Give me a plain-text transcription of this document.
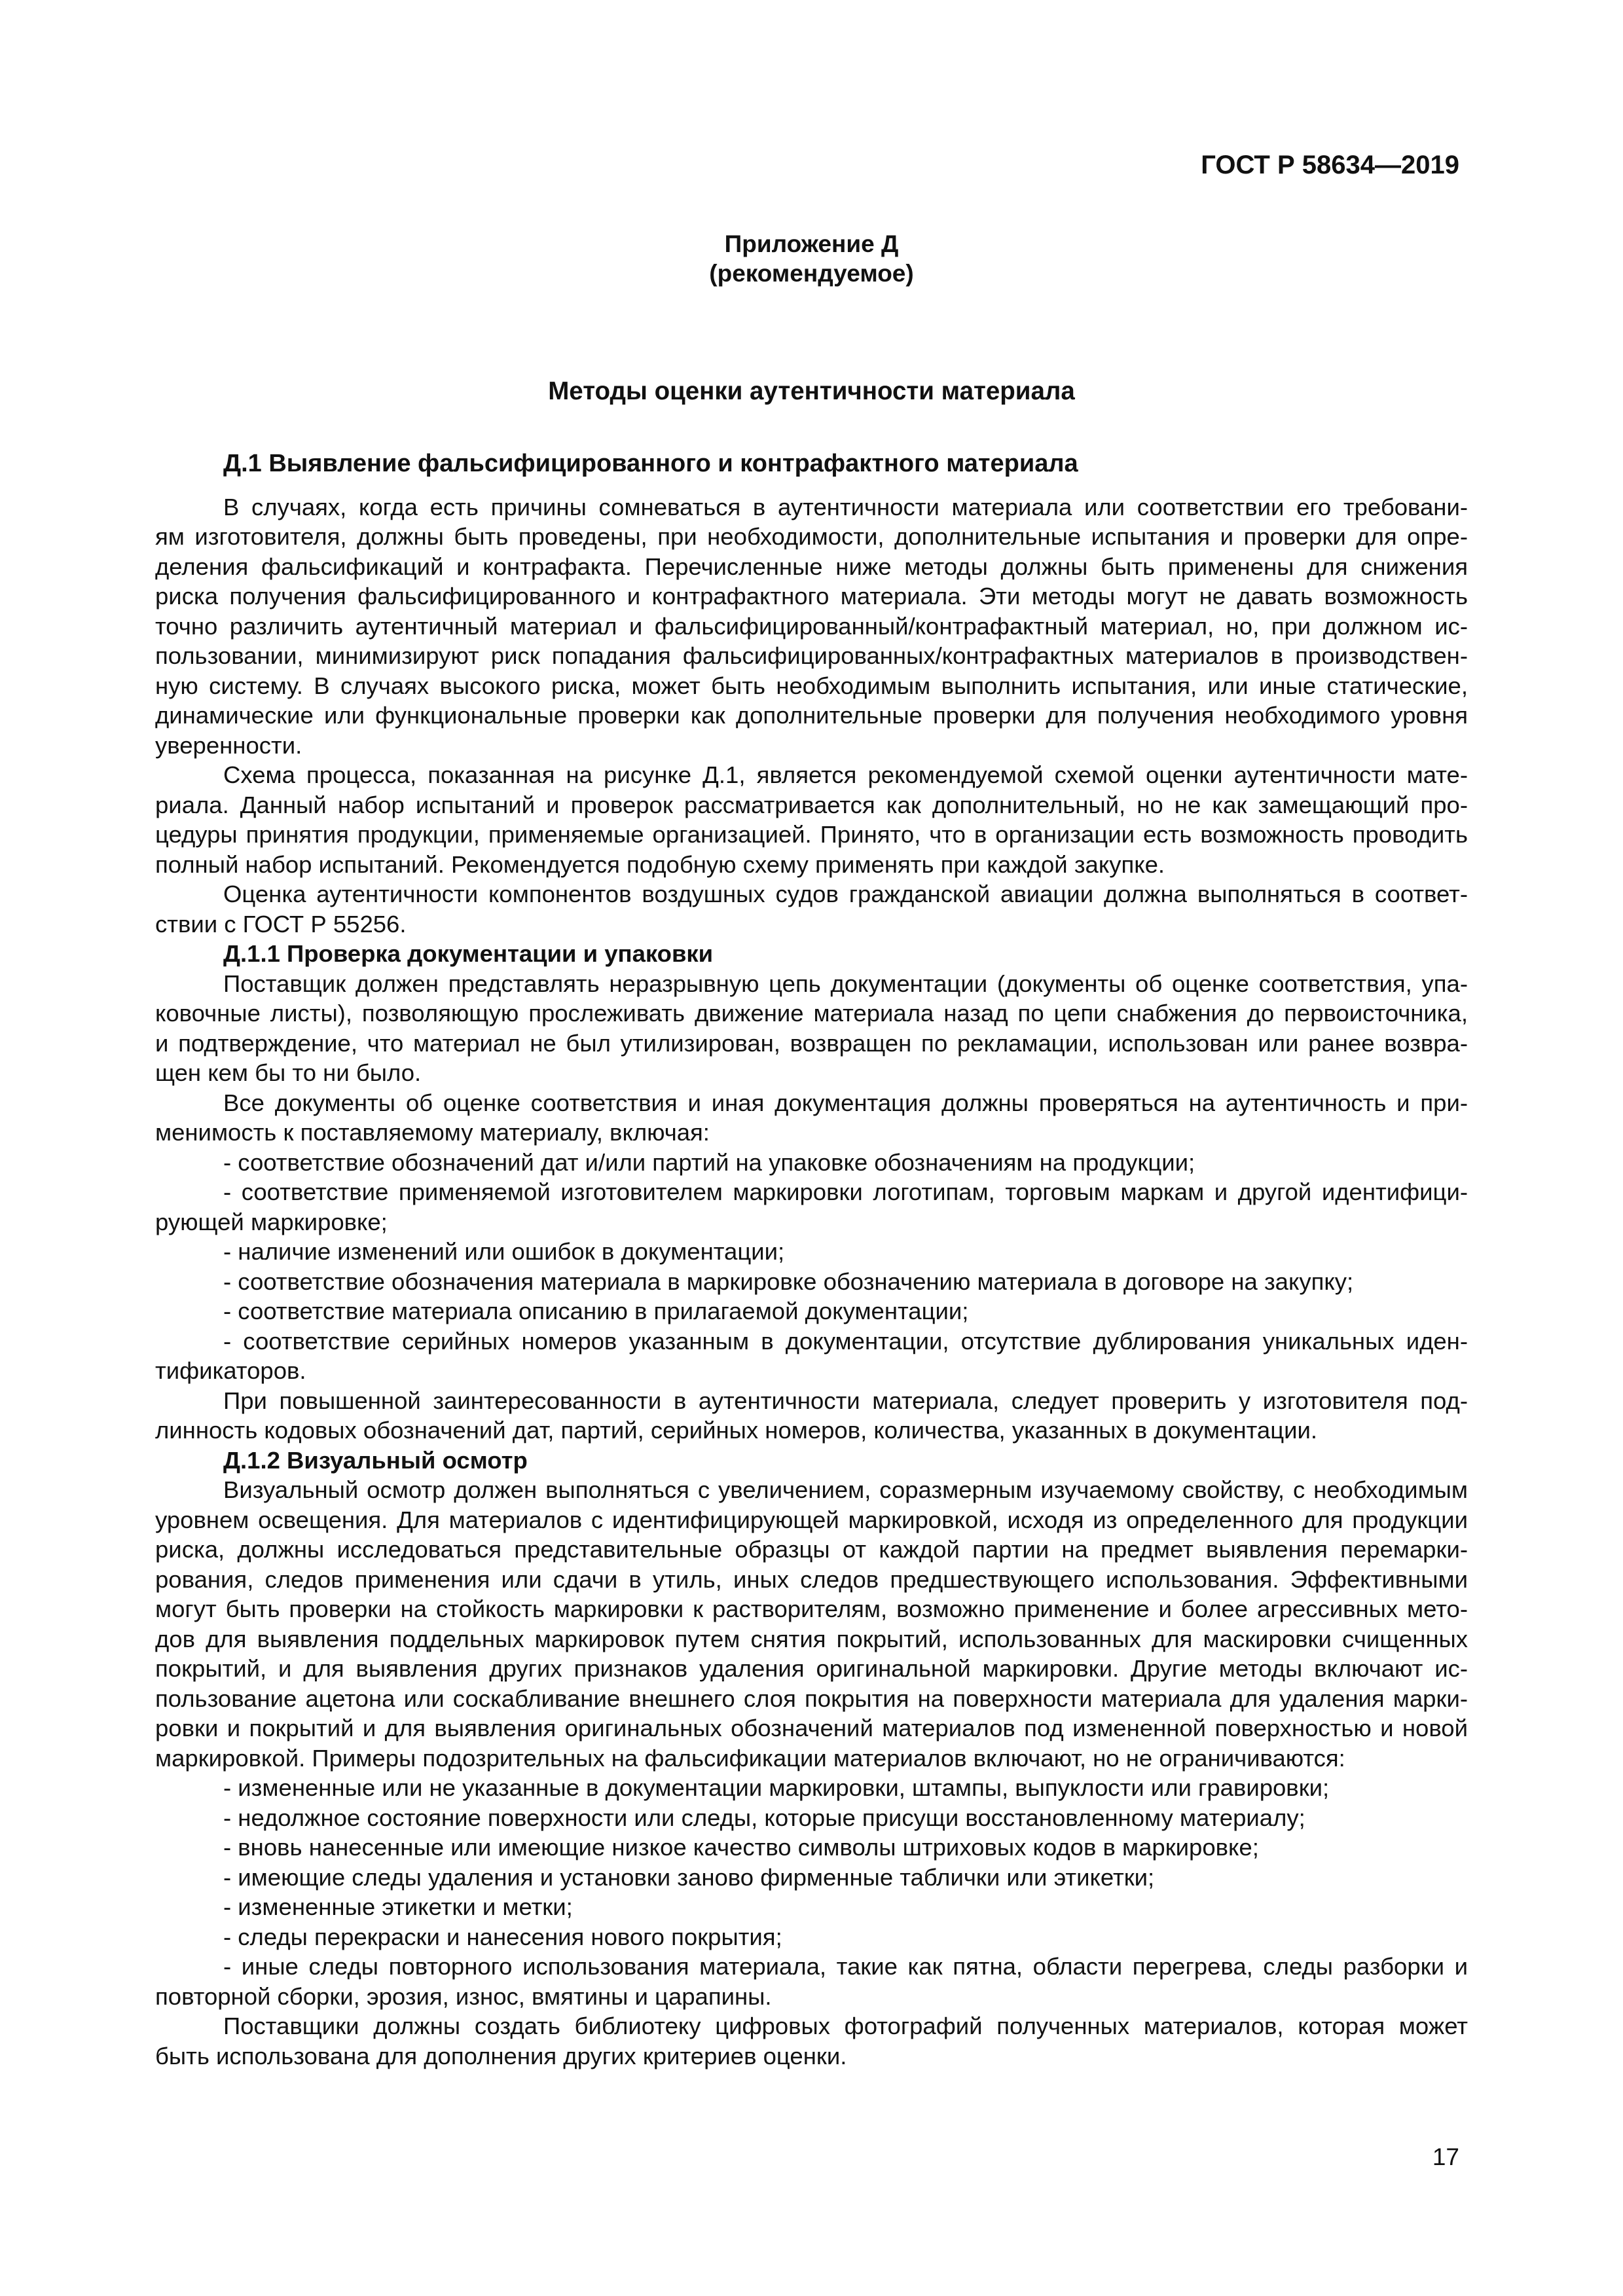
ГОСТ Р 58634—2019
Приложение Д
(рекомендуемое)
Методы оценки аутентичности материала

Д.1 Выявление фальсифицированного и контрафактного материала

В случаях, когда есть причины сомневаться в аутентичности материала или соответствии его требовани-

ям изготовителя, должны быть проведены, при необходимости, дополнительные испытания и проверки для опре-

деления фальсификаций и контрафакта. Перечисленные ниже методы должны быть применены для снижения

риска получения фальсифицированного и контрафактного материала. Эти методы могут не давать возможность

точно различить аутентичный материал и фальсифицированный/контрафактный материал, но, при должном ис-

пользовании, минимизируют риск попадания фальсифицированных/контрафактных материалов в производствен-

ную систему. В случаях высокого риска, может быть необходимым выполнить испытания, или иные статические,

динамические или функциональные проверки как дополнительные проверки для получения необходимого уровня

уверенности.

Схема процесса, показанная на рисунке Д.1, является рекомендуемой схемой оценки аутентичности мате-

риала. Данный набор испытаний и проверок рассматривается как дополнительный, но не как замещающий про-

цедуры принятия продукции, применяемые организацией. Принято, что в организации есть возможность проводить

полный набор испытаний. Рекомендуется подобную схему применять при каждой закупке.

Оценка аутентичности компонентов воздушных судов гражданской авиации должна выполняться в соответ-

ствии с ГОСТ Р 55256.

Д.1.1 Проверка документации и упаковки

Поставщик должен представлять неразрывную цепь документации (документы об оценке соответствия, упа-

ковочные листы), позволяющую прослеживать движение материала назад по цепи снабжения до первоисточника,

и подтверждение, что материал не был утилизирован, возвращен по рекламации, использован или ранее возвра-

щен кем бы то ни было.

Все документы об оценке соответствия и иная документация должны проверяться на аутентичность и при-

менимость к поставляемому материалу, включая:

- соответствие обозначений дат и/или партий на упаковке обозначениям на продукции;

- соответствие применяемой изготовителем маркировки логотипам, торговым маркам и другой идентифици-

рующей маркировке;

- наличие изменений или ошибок в документации;

- соответствие обозначения материала в маркировке обозначению материала в договоре на закупку;

- соответствие материала описанию в прилагаемой документации;

- соответствие серийных номеров указанным в документации, отсутствие дублирования уникальных иден-

тификаторов.

При повышенной заинтересованности в аутентичности материала, следует проверить у изготовителя под-

линность кодовых обозначений дат, партий, серийных номеров, количества, указанных в документации.

Д.1.2 Визуальный осмотр

Визуальный осмотр должен выполняться с увеличением, соразмерным изучаемому свойству, с необходимым

уровнем освещения. Для материалов с идентифицирующей маркировкой, исходя из определенного для продукции

риска, должны исследоваться представительные образцы от каждой партии на предмет выявления перемарки-

рования, следов применения или сдачи в утиль, иных следов предшествующего использования. Эффективными

могут быть проверки на стойкость маркировки к растворителям, возможно применение и более агрессивных мето-

дов для выявления поддельных маркировок путем снятия покрытий, использованных для маскировки счищенных

покрытий, и для выявления других признаков удаления оригинальной маркировки. Другие методы включают ис-

пользование ацетона или соскабливание внешнего слоя покрытия на поверхности материала для удаления марки-

ровки и покрытий и для выявления оригинальных обозначений материалов под измененной поверхностью и новой

маркировкой. Примеры подозрительных на фальсификации материалов включают, но не ограничиваются:

- измененные или не указанные в документации маркировки, штампы, выпуклости или гравировки;

- недолжное состояние поверхности или следы, которые присущи восстановленному материалу;

- вновь нанесенные или имеющие низкое качество символы штриховых кодов в маркировке;

- имеющие следы удаления и установки заново фирменные таблички или этикетки;

- измененные этикетки и метки;

- следы перекраски и нанесения нового покрытия;

- иные следы повторного использования материала, такие как пятна, области перегрева, следы разборки и

повторной сборки, эрозия, износ, вмятины и царапины.

Поставщики должны создать библиотеку цифровых фотографий полученных материалов, которая может

быть использована для дополнения других критериев оценки.

17
